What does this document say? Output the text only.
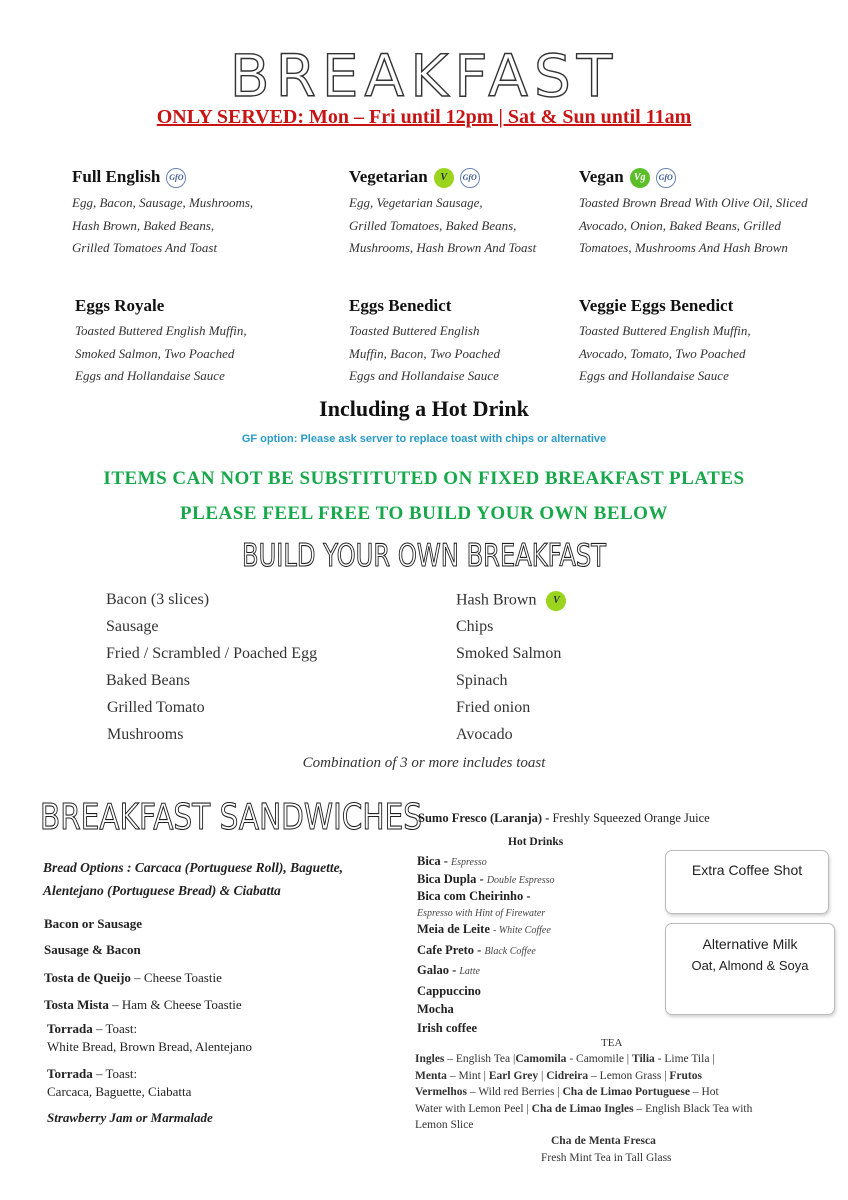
BREAKFAST
ONLY SERVED: Mon – Fri until 12pm | Sat & Sun until 11am
Full English GfO
Egg, Bacon, Sausage, Mushrooms,
Hash Brown, Baked Beans,
Grilled Tomatoes And Toast
Vegetarian V GfO
Egg, Vegetarian Sausage,
Grilled Tomatoes, Baked Beans,
Mushrooms, Hash Brown And Toast
Vegan Vg GfO
Toasted Brown Bread With Olive Oil, Sliced
Avocado, Onion, Baked Beans, Grilled
Tomatoes, Mushrooms And Hash Brown
Eggs Royale
Toasted Buttered English Muffin,
Smoked Salmon, Two Poached
Eggs and Hollandaise Sauce
Eggs Benedict
Toasted Buttered English
Muffin, Bacon, Two Poached
Eggs and Hollandaise Sauce
Veggie Eggs Benedict
Toasted Buttered English Muffin,
Avocado, Tomato, Two Poached
Eggs and Hollandaise Sauce
Including a Hot Drink
GF option: Please ask server to replace toast with chips or alternative
ITEMS CAN NOT BE SUBSTITUTED ON FIXED BREAKFAST PLATES
PLEASE FEEL FREE TO BUILD YOUR OWN BELOW
BUILD YOUR OWN BREAKFAST
Bacon (3 slices)
Sausage
Fried / Scrambled / Poached Egg
Baked Beans
Grilled Tomato
Mushrooms
Hash Brown V
Chips
Smoked Salmon
Spinach
Fried onion
Avocado
Combination of 3 or more includes toast
BREAKFAST SANDWICHES
Bread Options : Carcaca (Portuguese Roll), Baguette,
Alentejano (Portuguese Bread) & Ciabatta
Bacon or Sausage
Sausage & Bacon
Tosta de Queijo – Cheese Toastie
Tosta Mista – Ham & Cheese Toastie
Torrada – Toast:
White Bread, Brown Bread, Alentejano
Torrada – Toast:
Carcaca, Baguette, Ciabatta
Strawberry Jam or Marmalade
Sumo Fresco (Laranja) - Freshly Squeezed Orange Juice
Hot Drinks
Bica - Espresso
Bica Dupla - Double Espresso
Bica com Cheirinho -
Espresso with Hint of Firewater
Meia de Leite - White Coffee
Cafe Preto - Black Coffee
Galao - Latte
Cappuccino
Mocha
Irish coffee
Extra Coffee Shot
Alternative Milk
Oat, Almond & Soya
TEA
Ingles – English Tea |Camomila - Camomile | Tilia - Lime Tila |
Menta – Mint | Earl Grey | Cidreira – Lemon Grass | Frutos
Vermelhos – Wild red Berries | Cha de Limao Portuguese – Hot
Water with Lemon Peel | Cha de Limao Ingles – English Black Tea with
Lemon Slice
Cha de Menta Fresca
Fresh Mint Tea in Tall Glass
